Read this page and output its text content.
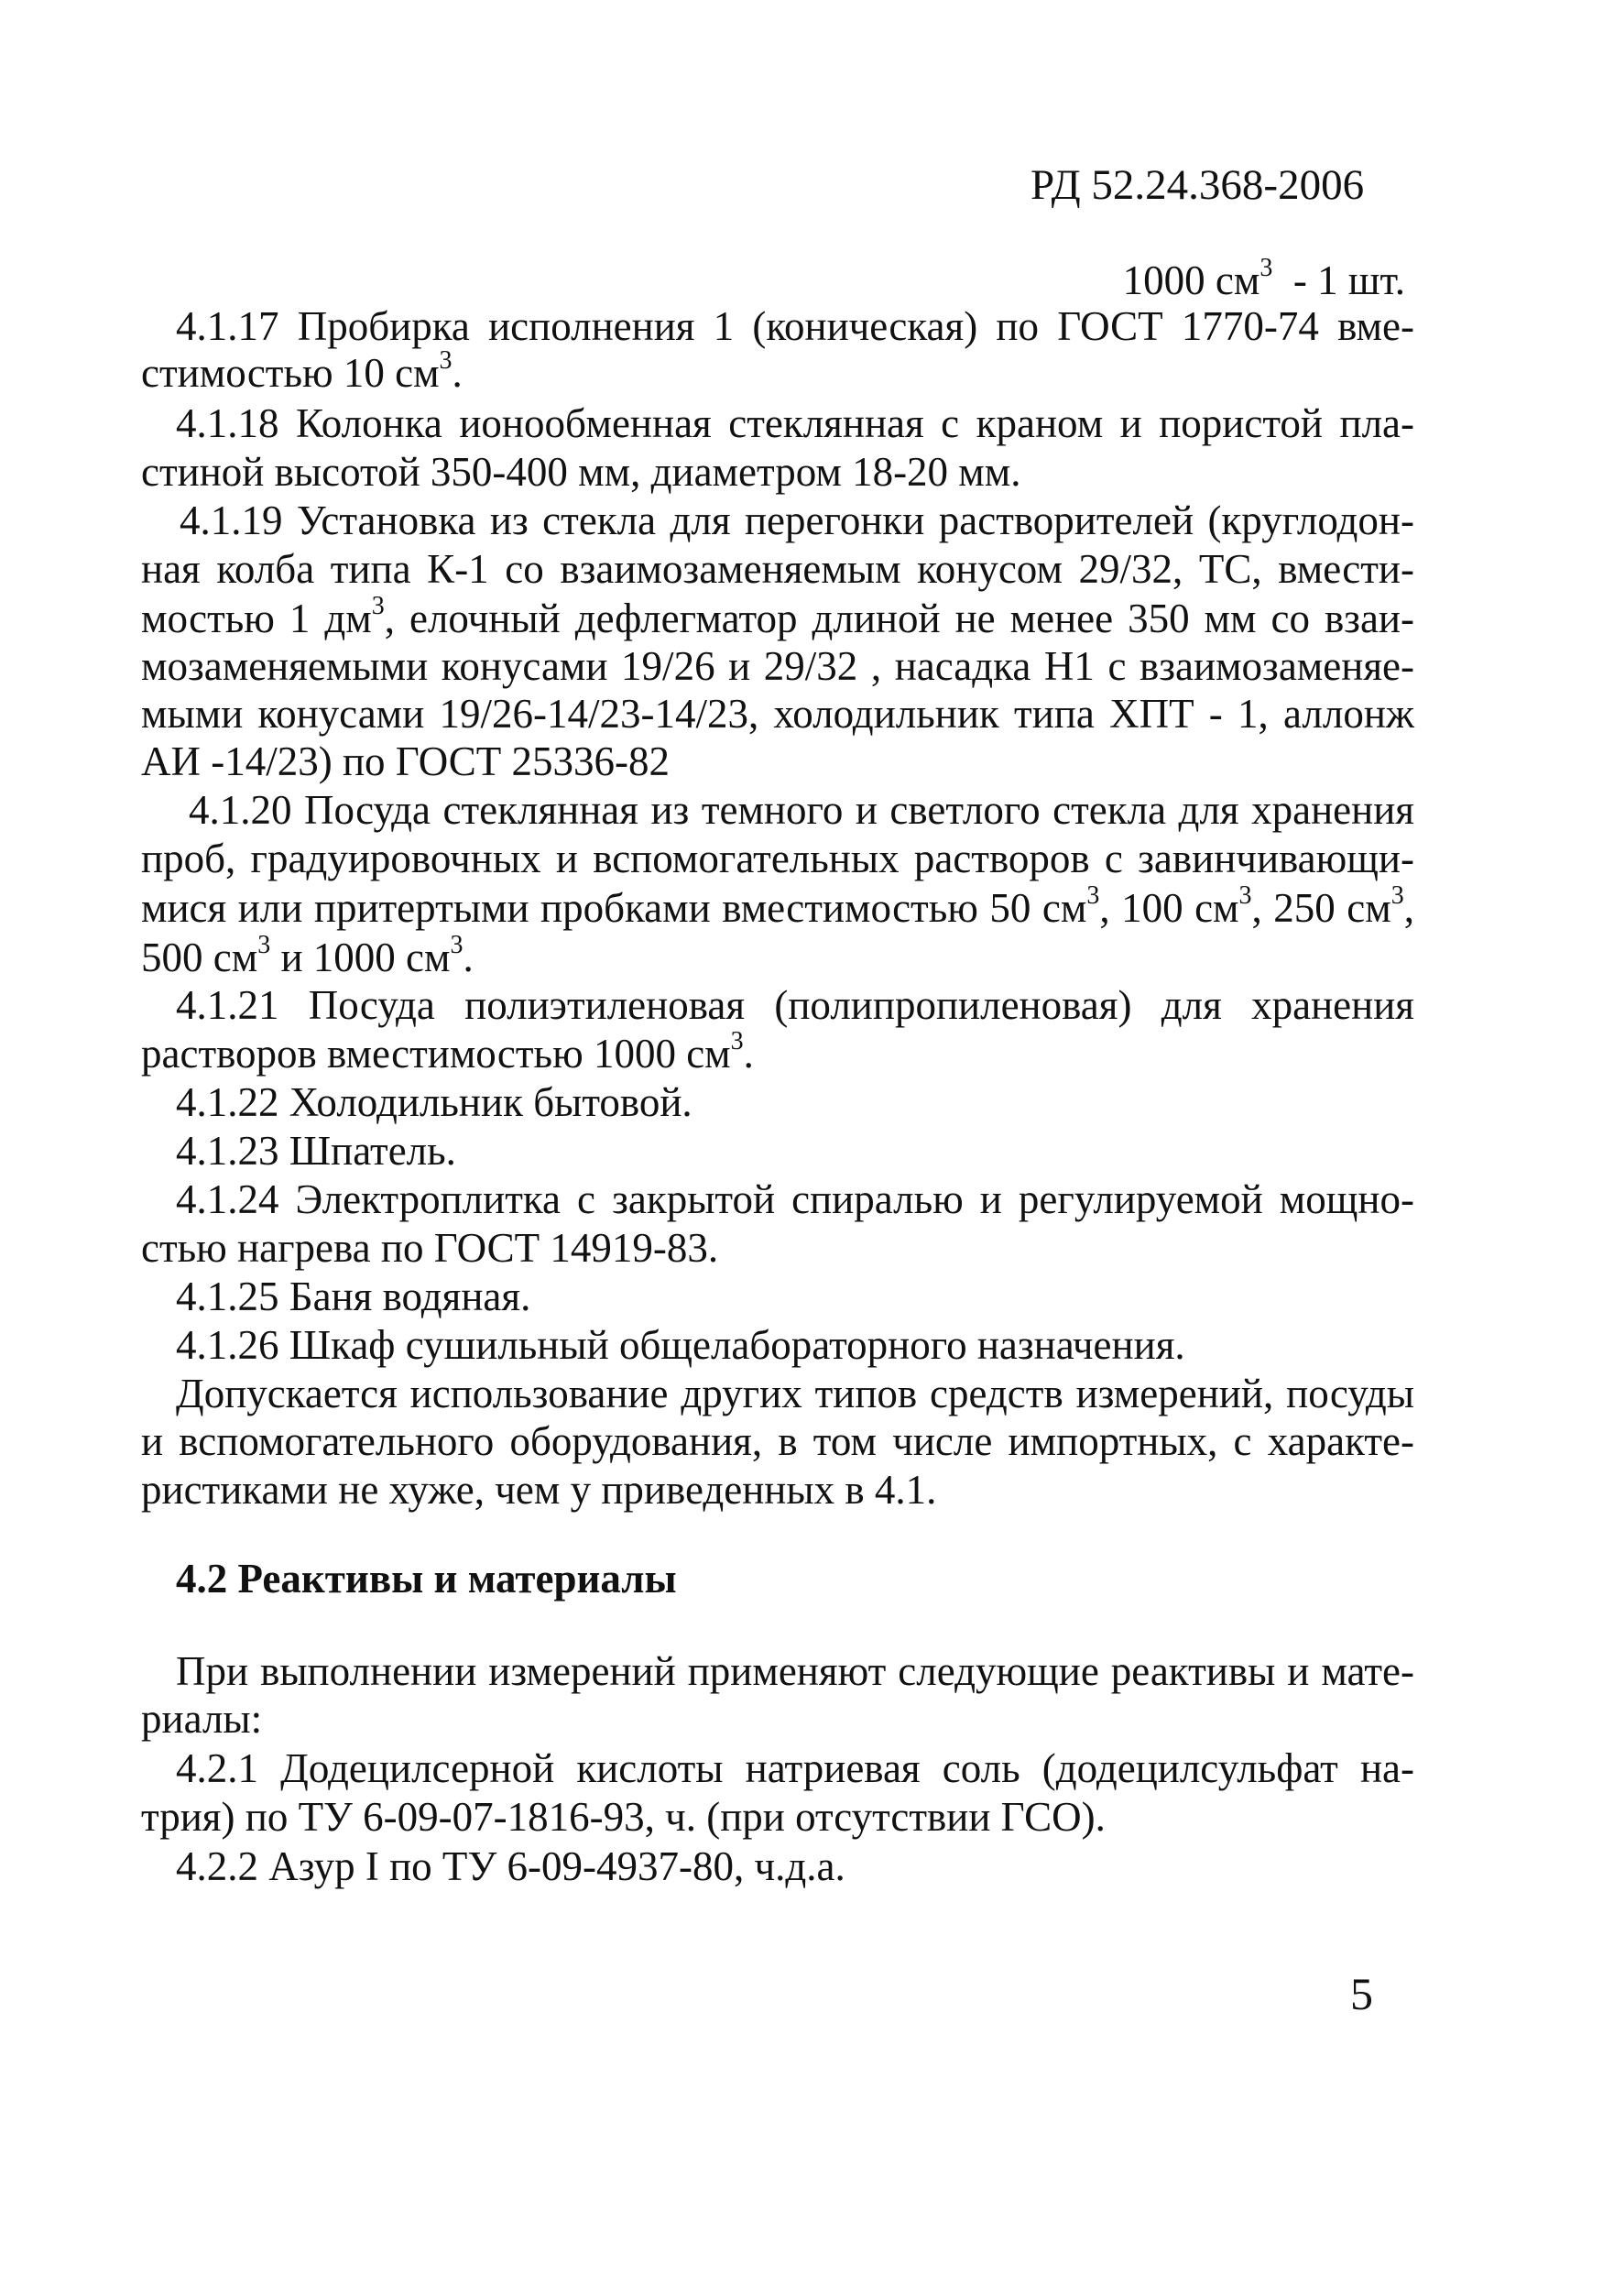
РД 52.24.368-2006
1000 $см^3 - 1$ шт.
4.1.17 Пробирка исполнения 1 (коническая) по ГОСТ 1770-74 вме-
стимостью 10 $см^3$.
4.1.18 Колонка ионообменная стеклянная с краном и пористой пла-
стиной высотой 350-400 мм, диаметром 18-20 мм.
4.1.19 Установка из стекла для перегонки растворителей (круглодон-
ная колба типа К-1 со взаимозаменяемым конусом 29/32, ТС, вмести-
мостью 1 $дм^3$, елочный дефлегматор длиной не менее 350 мм со взаи-
мозаменяемыми конусами 19/26 и 29/32 , насадка Н1 с взаимозаменяе-
мыми конусами 19/26-14/23-14/23, холодильник типа ХПТ - 1, аллонж
АИ -14/23) по ГОСТ 25336-82
4.1.20 Посуда стеклянная из темного и светлого стекла для хранения
проб, градуировочных и вспомогательных растворов с завинчивающи-
мися или притертыми пробками вместимостью 50 $см^3$, 100 $см^3$, 250 $см^3$,
500 $см^3$ и 1000 $см^3$.
4.1.21 Посуда полиэтиленовая (полипропиленовая) для хранения
растворов вместимостью 1000 $см^3$.
4.1.22 Холодильник бытовой.
4.1.23 Шпатель.
4.1.24 Электроплитка с закрытой спиралью и регулируемой мощно-
стью нагрева по ГОСТ 14919-83.
4.1.25 Баня водяная.
4.1.26 Шкаф сушильный общелабораторного назначения.
Допускается использование других типов средств измерений, посуды
и вспомогательного оборудования, в том числе импортных, с характе-
ристиками не хуже, чем у приведенных в 4.1.
4.2 Реактивы и материалы
При выполнении измерений применяют следующие реактивы и мате-
риалы:
4.2.1 Додецилсерной кислоты натриевая соль (додецилсульфат на-
трия) по ТУ 6-09-07-1816-93, ч. (при отсутствии ГСО).
4.2.2 Азур I по ТУ 6-09-4937-80, ч.д.а.
5
